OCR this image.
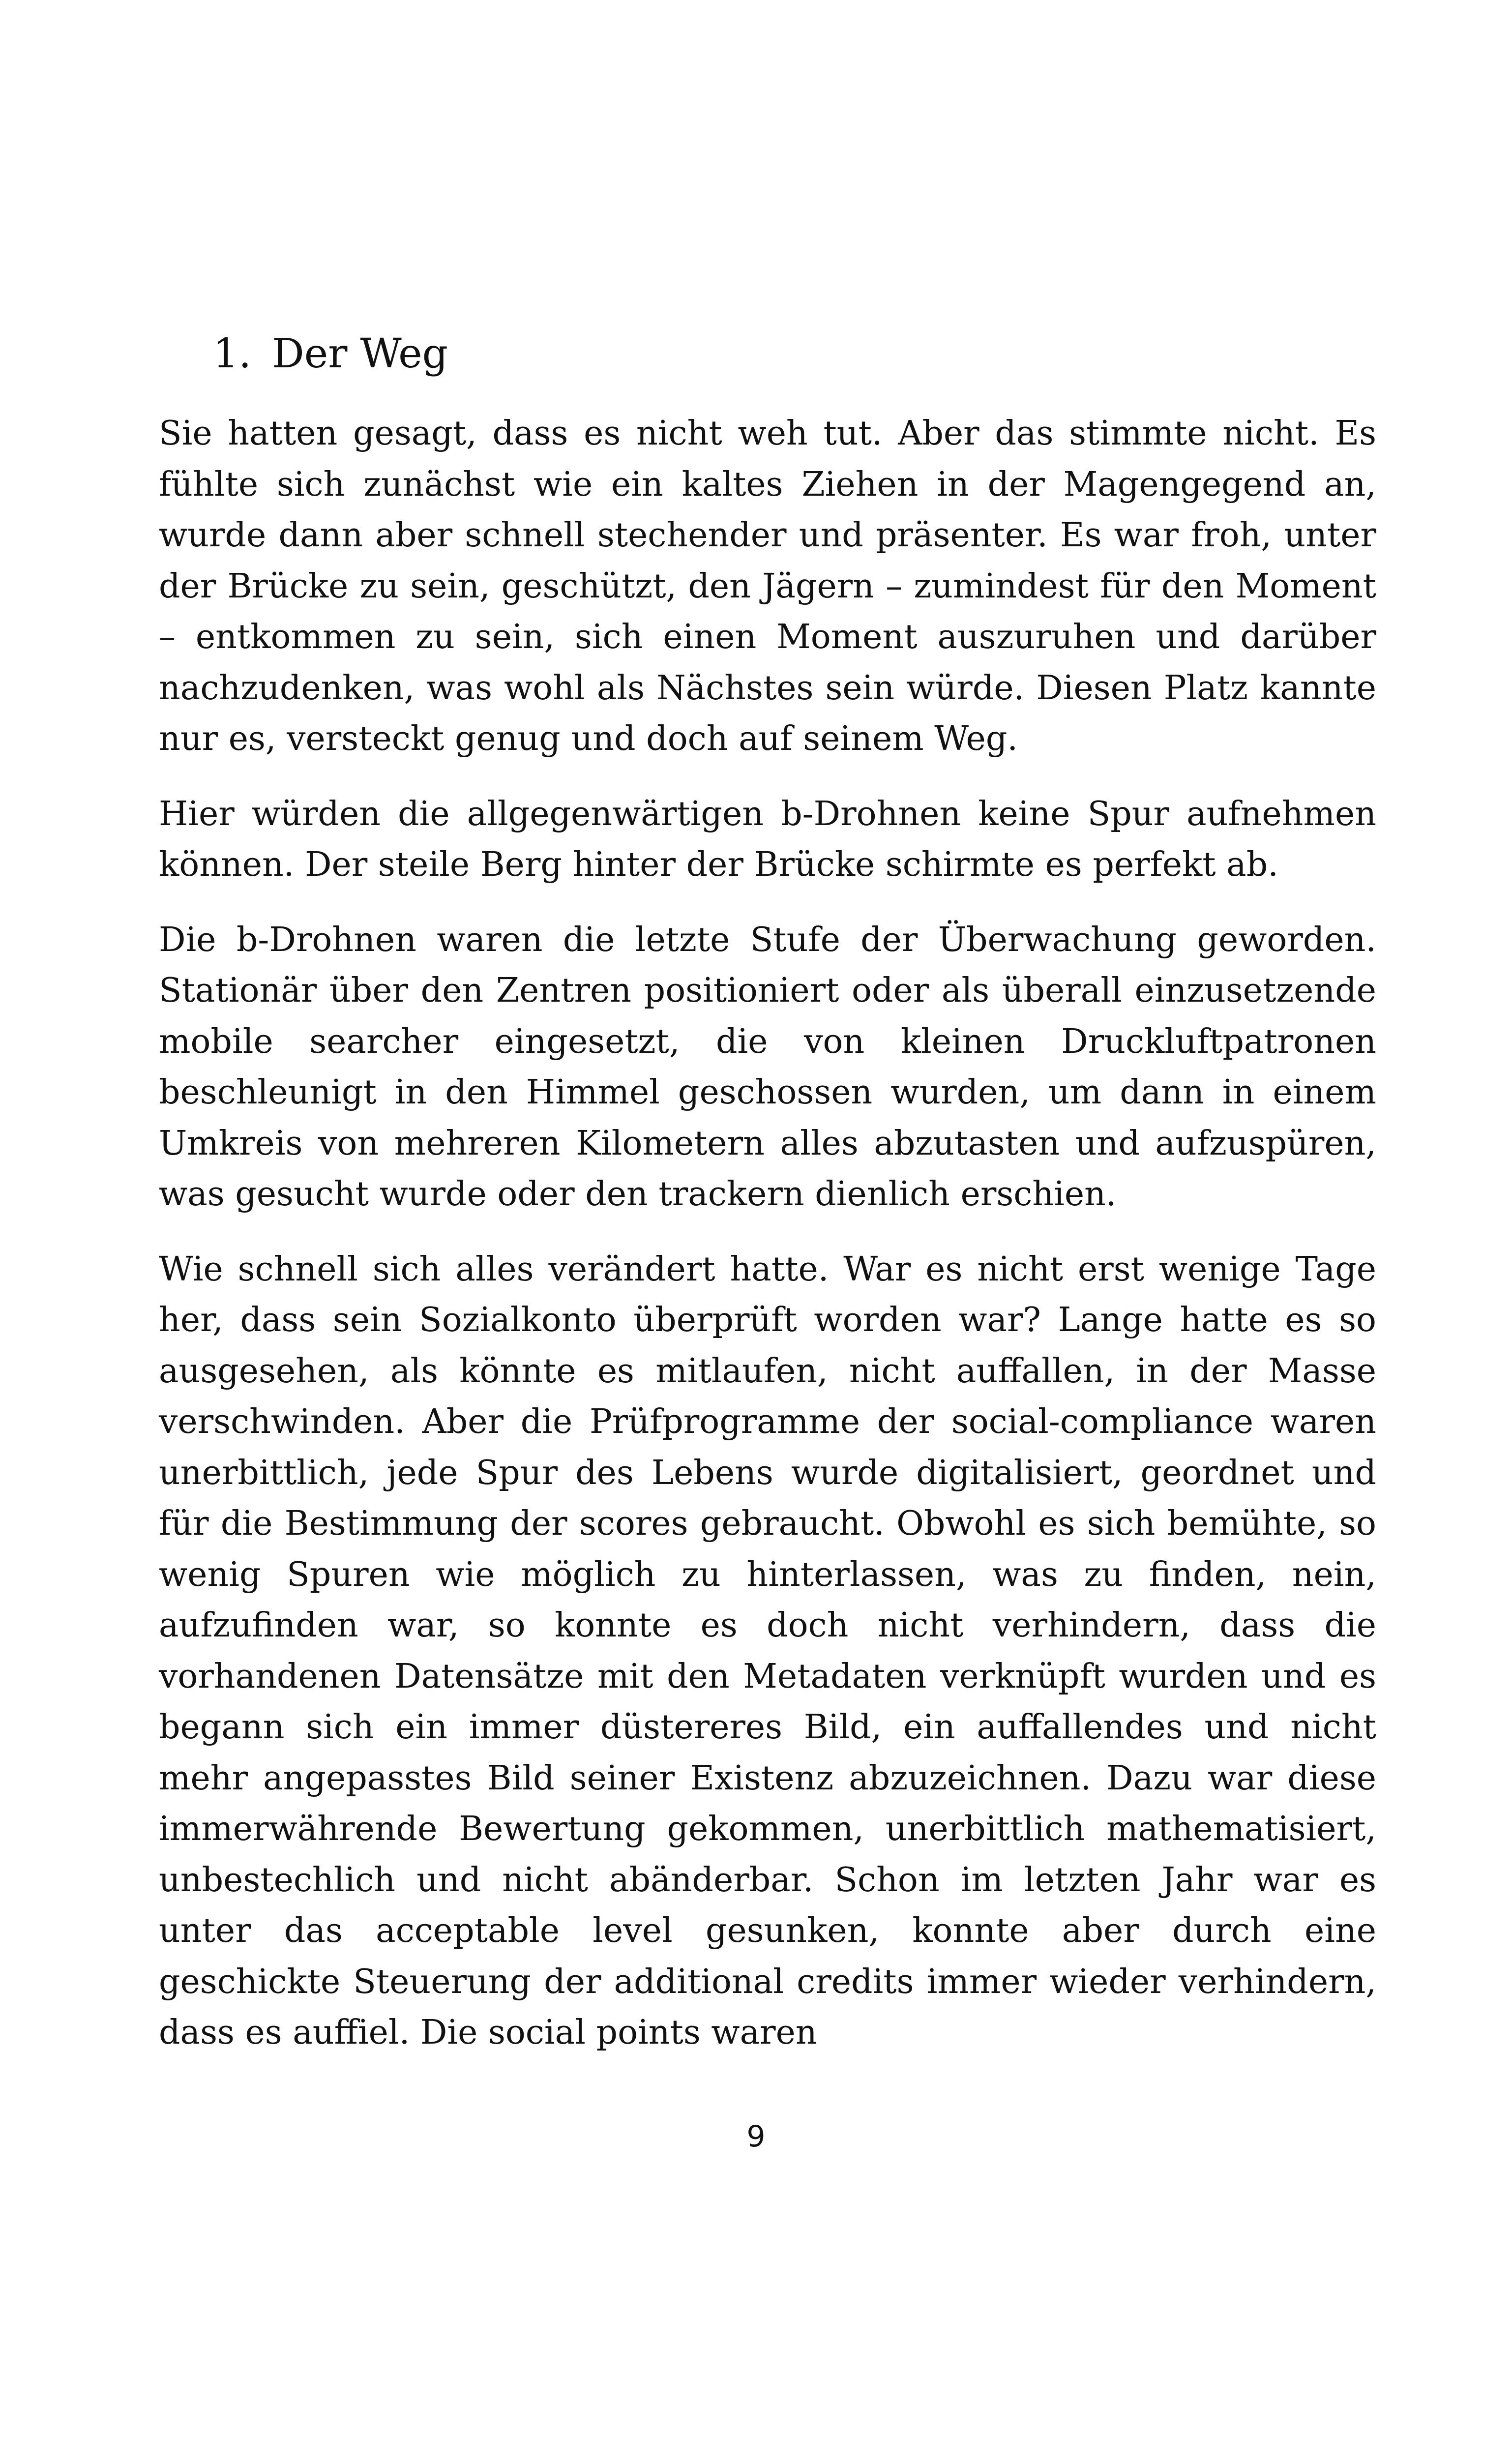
1. Der Weg

Sie hatten gesagt, dass es nicht weh tut. Aber das stimmte nicht. Es fühlte sich zunächst wie ein kaltes Ziehen in der Magengegend an, wurde dann aber schnell stechender und präsenter. Es war froh, unter der Brücke zu sein, geschützt, den Jägern – zumindest für den Moment – entkommen zu sein, sich einen Moment auszuruhen und darüber nachzudenken, was wohl als Nächstes sein würde. Diesen Platz kannte nur es, versteckt genug und doch auf seinem Weg.

Hier würden die allgegenwärtigen b-Drohnen keine Spur aufnehmen können. Der steile Berg hinter der Brücke schirmte es perfekt ab.

Die b-Drohnen waren die letzte Stufe der Überwachung geworden. Stationär über den Zentren positioniert oder als überall einzusetzende mobile searcher eingesetzt, die von kleinen Druckluftpatronen beschleunigt in den Himmel geschossen wurden, um dann in einem Umkreis von mehreren Kilometern alles abzutasten und aufzuspüren, was gesucht wurde oder den trackern dienlich erschien.

Wie schnell sich alles verändert hatte. War es nicht erst wenige Tage her, dass sein Sozialkonto überprüft worden war? Lange hatte es so ausgesehen, als könnte es mitlaufen, nicht auffallen, in der Masse verschwinden. Aber die Prüfprogramme der social-compliance waren unerbittlich, jede Spur des Lebens wurde digitalisiert, geordnet und für die Bestimmung der scores gebraucht. Obwohl es sich bemühte, so wenig Spuren wie möglich zu hinterlassen, was zu finden, nein, aufzufinden war, so konnte es doch nicht verhindern, dass die vorhandenen Datensätze mit den Metadaten verknüpft wurden und es begann sich ein immer düstereres Bild, ein auffallendes und nicht mehr angepasstes Bild seiner Existenz abzuzeichnen. Dazu war diese immerwährende Bewertung gekommen, unerbittlich mathematisiert, unbestechlich und nicht abänderbar. Schon im letzten Jahr war es unter das acceptable level gesunken, konnte aber durch eine geschickte Steuerung der additional credits immer wieder verhindern, dass es auffiel. Die social points waren

9
